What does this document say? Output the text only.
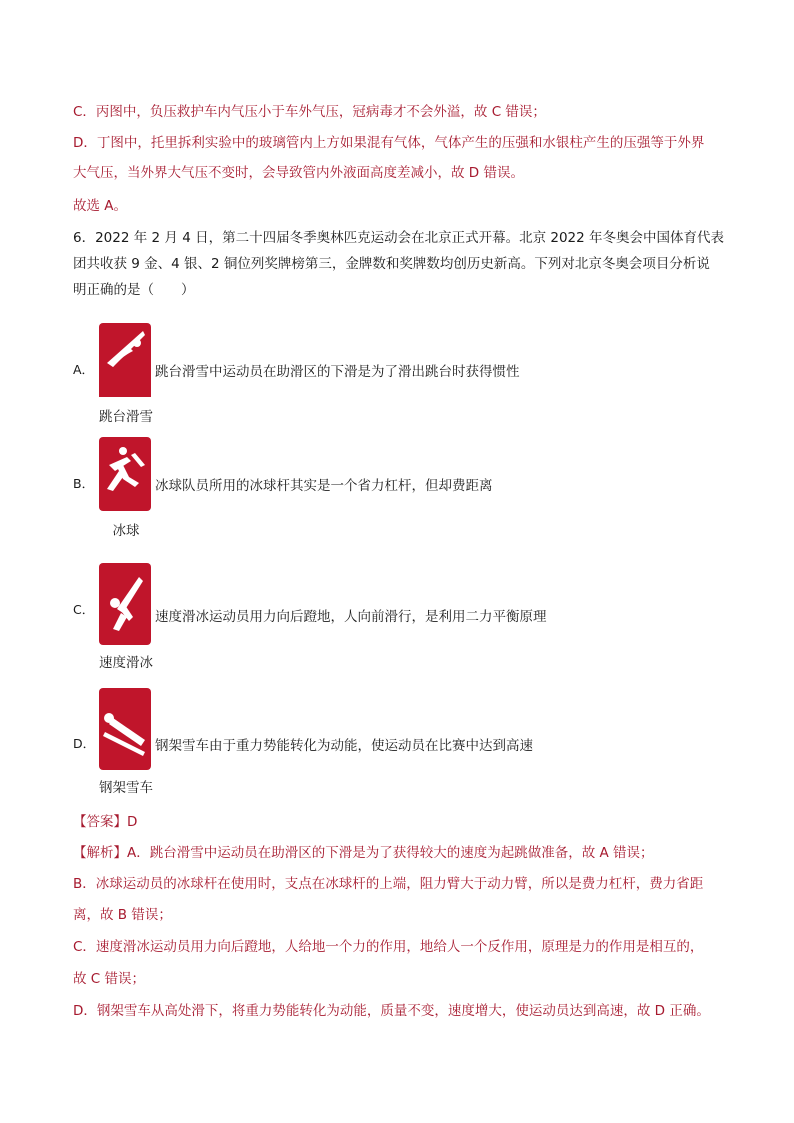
C．丙图中，负压救护车内气压小于车外气压，冠病毒才不会外溢，故 C 错误；
D．丁图中，托里拆利实验中的玻璃管内上方如果混有气体，气体产生的压强和水银柱产生的压强等于外界
大气压，当外界大气压不变时，会导致管内外液面高度差减小，故 D 错误。
故选 A。
6．2022 年 2 月 4 日，第二十四届冬季奥林匹克运动会在北京正式开幕。北京 2022 年冬奥会中国体育代表
团共收获 9 金、4 银、2 铜位列奖牌榜第三，金牌数和奖牌数均创历史新高。下列对北京冬奥会项目分析说
明正确的是（　　）
A．
跳台滑雪
跳台滑雪中运动员在助滑区的下滑是为了滑出跳台时获得惯性
B．
冰球
冰球队员所用的冰球杆其实是一个省力杠杆，但却费距离
C．
速度滑冰
速度滑冰运动员用力向后蹬地，人向前滑行，是利用二力平衡原理
D．
钢架雪车
钢架雪车由于重力势能转化为动能，使运动员在比赛中达到高速
【答案】D
【解析】A．跳台滑雪中运动员在助滑区的下滑是为了获得较大的速度为起跳做准备，故 A 错误；
B．冰球运动员的冰球杆在使用时，支点在冰球杆的上端，阻力臂大于动力臂，所以是费力杠杆，费力省距
离，故 B 错误；
C．速度滑冰运动员用力向后蹬地，人给地一个力的作用，地给人一个反作用，原理是力的作用是相互的，
故 C 错误；
D．钢架雪车从高处滑下，将重力势能转化为动能，质量不变，速度增大，使运动员达到高速，故 D 正确。
